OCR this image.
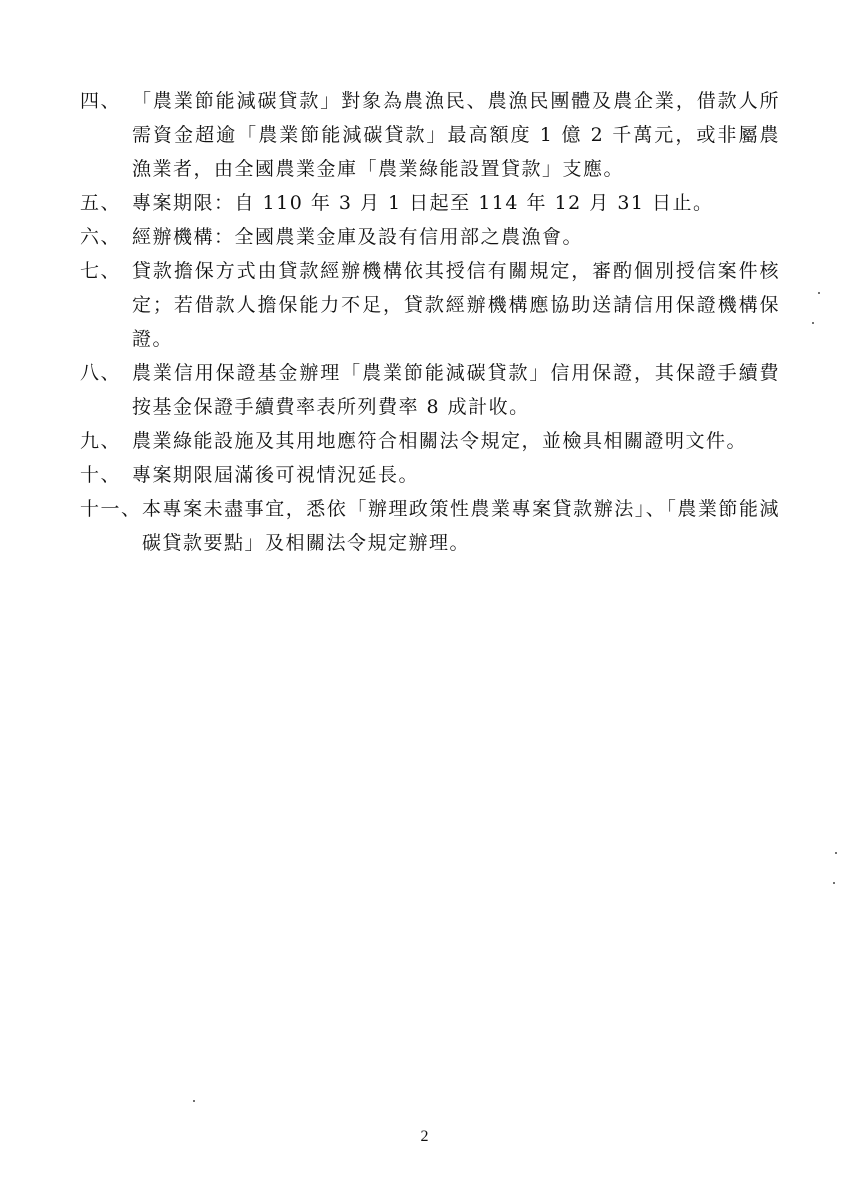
四、 「農業節能減碳貸款」對象為農漁民、農漁民團體及農企業，借款人所需資金超逾「農業節能減碳貸款」最高額度 1 億 2 千萬元，或非屬農漁業者，由全國農業金庫「農業綠能設置貸款」支應。
五、 專案期限：自 110 年 3 月 1 日起至 114 年 12 月 31 日止。
六、 經辦機構：全國農業金庫及設有信用部之農漁會。
七、 貸款擔保方式由貸款經辦機構依其授信有關規定，審酌個別授信案件核定；若借款人擔保能力不足，貸款經辦機構應協助送請信用保證機構保證。
八、 農業信用保證基金辦理「農業節能減碳貸款」信用保證，其保證手續費按基金保證手續費率表所列費率 8 成計收。
九、 農業綠能設施及其用地應符合相關法令規定，並檢具相關證明文件。
十、 專案期限屆滿後可視情況延長。
十一、 本專案未盡事宜，悉依「辦理政策性農業專案貸款辦法」、「農業節能減碳貸款要點」及相關法令規定辦理。
2
